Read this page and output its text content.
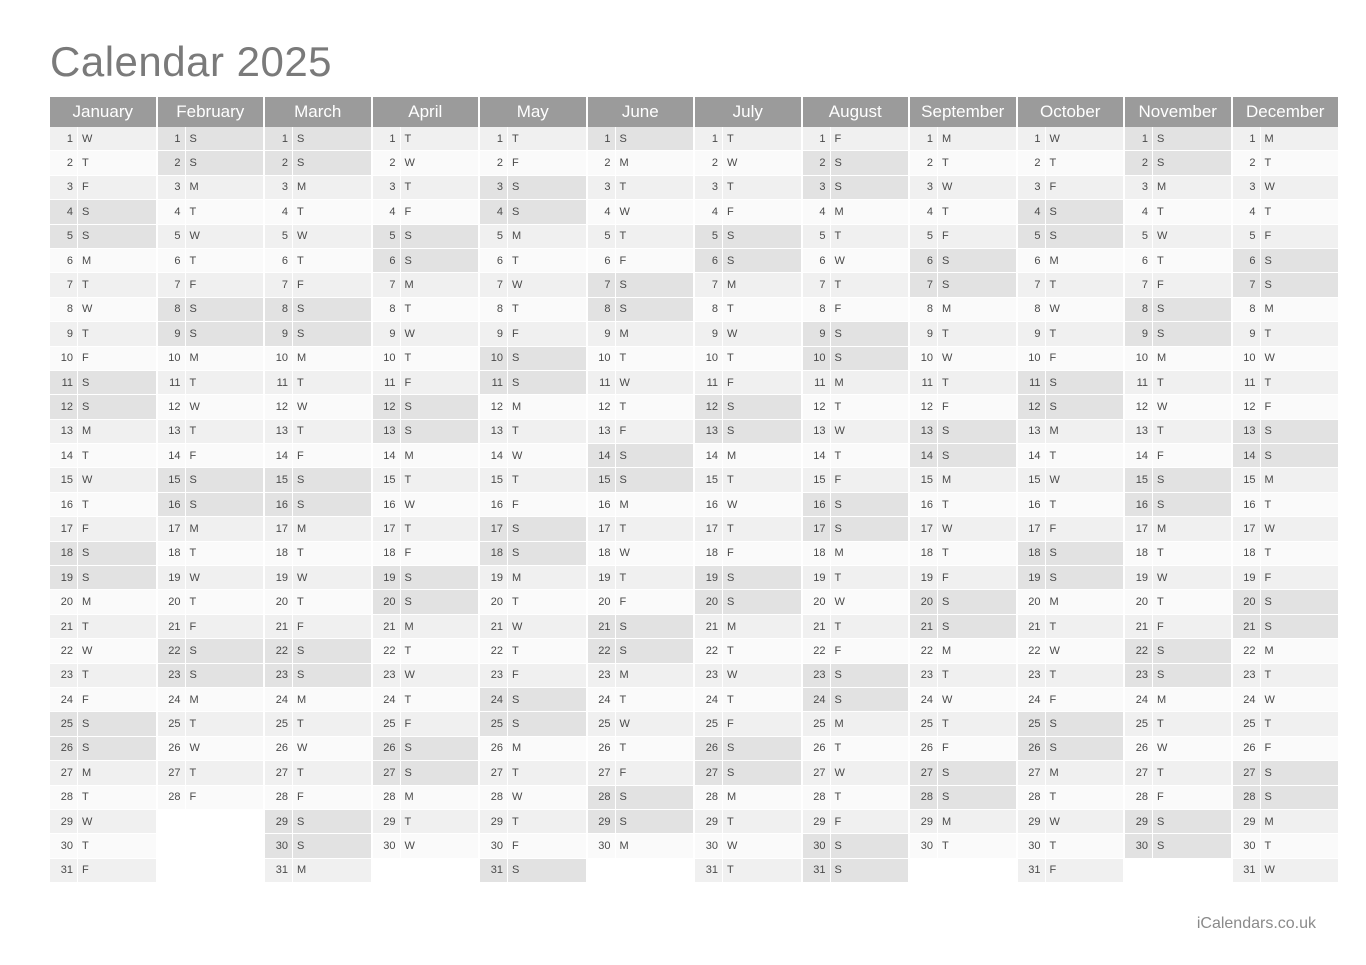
Calendar 2025
January	February	March	April	May	June	July	August	September	October	November	December

1 W	1 S	1 S	1 T	1 T	1 S	1 T	1 F	1 M	1 W	1 S	1 M

2 T	2 S	2 S	2 W	2 F	2 M	2 W	2 S	2 T	2 T	2 S	2 T

3 F	3 M	3 M	3 T	3 S	3 T	3 T	3 S	3 W	3 F	3 M	3 W

4 S	4 T	4 T	4 F	4 S	4 W	4 F	4 M	4 T	4 S	4 T	4 T

5 S	5 W	5 W	5 S	5 M	5 T	5 S	5 T	5 F	5 S	5 W	5 F

6 M	6 T	6 T	6 S	6 T	6 F	6 S	6 W	6 S	6 M	6 T	6 S

7 T	7 F	7 F	7 M	7 W	7 S	7 M	7 T	7 S	7 T	7 F	7 S

8 W	8 S	8 S	8 T	8 T	8 S	8 T	8 F	8 M	8 W	8 S	8 M

9 T	9 S	9 S	9 W	9 F	9 M	9 W	9 S	9 T	9 T	9 S	9 T

10 F	10 M	10 M	10 T	10 S	10 T	10 T	10 S	10 W	10 F	10 M	10 W

11 S	11 T	11 T	11 F	11 S	11 W	11 F	11 M	11 T	11 S	11 T	11 T

12 S	12 W	12 W	12 S	12 M	12 T	12 S	12 T	12 F	12 S	12 W	12 F

13 M	13 T	13 T	13 S	13 T	13 F	13 S	13 W	13 S	13 M	13 T	13 S

14 T	14 F	14 F	14 M	14 W	14 S	14 M	14 T	14 S	14 T	14 F	14 S

15 W	15 S	15 S	15 T	15 T	15 S	15 T	15 F	15 M	15 W	15 S	15 M

16 T	16 S	16 S	16 W	16 F	16 M	16 W	16 S	16 T	16 T	16 S	16 T

17 F	17 M	17 M	17 T	17 S	17 T	17 T	17 S	17 W	17 F	17 M	17 W

18 S	18 T	18 T	18 F	18 S	18 W	18 F	18 M	18 T	18 S	18 T	18 T

19 S	19 W	19 W	19 S	19 M	19 T	19 S	19 T	19 F	19 S	19 W	19 F

20 M	20 T	20 T	20 S	20 T	20 F	20 S	20 W	20 S	20 M	20 T	20 S

21 T	21 F	21 F	21 M	21 W	21 S	21 M	21 T	21 S	21 T	21 F	21 S

22 W	22 S	22 S	22 T	22 T	22 S	22 T	22 F	22 M	22 W	22 S	22 M

23 T	23 S	23 S	23 W	23 F	23 M	23 W	23 S	23 T	23 T	23 S	23 T

24 F	24 M	24 M	24 T	24 S	24 T	24 T	24 S	24 W	24 F	24 M	24 W

25 S	25 T	25 T	25 F	25 S	25 W	25 F	25 M	25 T	25 S	25 T	25 T

26 S	26 W	26 W	26 S	26 M	26 T	26 S	26 T	26 F	26 S	26 W	26 F

27 M	27 T	27 T	27 S	27 T	27 F	27 S	27 W	27 S	27 M	27 T	27 S

28 T	28 F	28 F	28 M	28 W	28 S	28 M	28 T	28 S	28 T	28 F	28 S

29 W		29 S	29 T	29 T	29 S	29 T	29 F	29 M	29 W	29 S	29 M

30 T		30 S	30 W	30 F	30 M	30 W	30 S	30 T	30 T	30 S	30 T

31 F		31 M		31 S		31 T	31 S		31 F		31 W
iCalendars.co.uk
